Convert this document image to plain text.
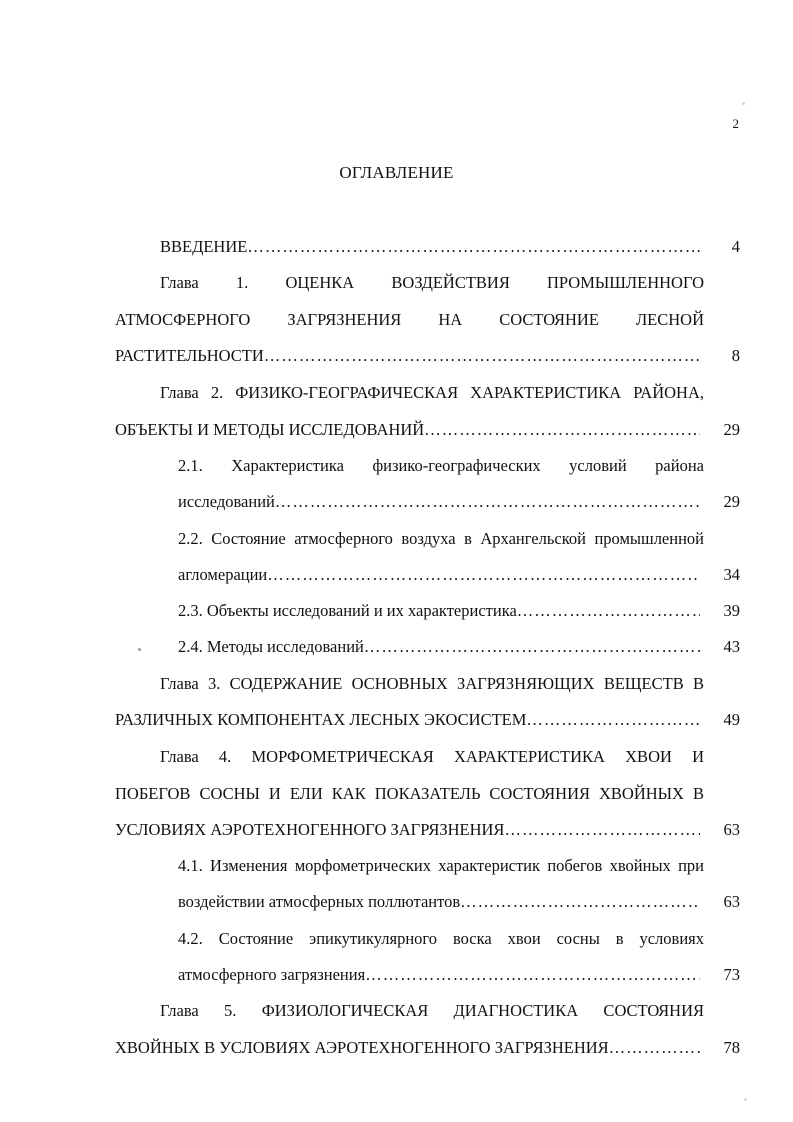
2
ОГЛАВЛЕНИЕ
ВВЕДЕНИЕ …………………………………………………………………………………………………………………………………………………………………………	4
Глава 1. ОЦЕНКА ВОЗДЕЙСТВИЯ ПРОМЫШЛЕННОГО
АТМОСФЕРНОГО ЗАГРЯЗНЕНИЯ НА СОСТОЯНИЕ ЛЕСНОЙ
РАСТИТЕЛЬНОСТИ …………………………………………………………………………………………………………………………………………………………………………	8
Глава 2. ФИЗИКО-ГЕОГРАФИЧЕСКАЯ ХАРАКТЕРИСТИКА РАЙОНА,
ОБЪЕКТЫ И МЕТОДЫ ИССЛЕДОВАНИЙ …………………………………………………………………………………………………………………………………………………………………………	29
2.1. Характеристика физико-географических условий района
исследований …………………………………………………………………………………………………………………………………………………………………………	29
2.2. Состояние атмосферного воздуха в Архангельской промышленной
агломерации …………………………………………………………………………………………………………………………………………………………………………	34
2.3. Объекты исследований и их характеристика …………………………………………………………………………………………………………………………………………………………………………	39
2.4. Методы исследований …………………………………………………………………………………………………………………………………………………………………………	43
Глава 3. СОДЕРЖАНИЕ ОСНОВНЫХ ЗАГРЯЗНЯЮЩИХ ВЕЩЕСТВ В
РАЗЛИЧНЫХ КОМПОНЕНТАХ ЛЕСНЫХ ЭКОСИСТЕМ …………………………………………………………………………………………………………………………………………………………………………	49
Глава 4. МОРФОМЕТРИЧЕСКАЯ ХАРАКТЕРИСТИКА ХВОИ И
ПОБЕГОВ СОСНЫ И ЕЛИ КАК ПОКАЗАТЕЛЬ СОСТОЯНИЯ ХВОЙНЫХ В
УСЛОВИЯХ АЭРОТЕХНОГЕННОГО ЗАГРЯЗНЕНИЯ …………………………………………………………………………………………………………………………………………………………………………	63
4.1. Изменения морфометрических характеристик побегов хвойных при
воздействии атмосферных поллютантов …………………………………………………………………………………………………………………………………………………………………………	63
4.2. Состояние эпикутикулярного воска хвои сосны в условиях
атмосферного загрязнения …………………………………………………………………………………………………………………………………………………………………………	73
Глава 5. ФИЗИОЛОГИЧЕСКАЯ ДИАГНОСТИКА СОСТОЯНИЯ
ХВОЙНЫХ В УСЛОВИЯХ АЭРОТЕХНОГЕННОГО ЗАГРЯЗНЕНИЯ …………………………………………………………………………………………………………………………………………………………………………	78
